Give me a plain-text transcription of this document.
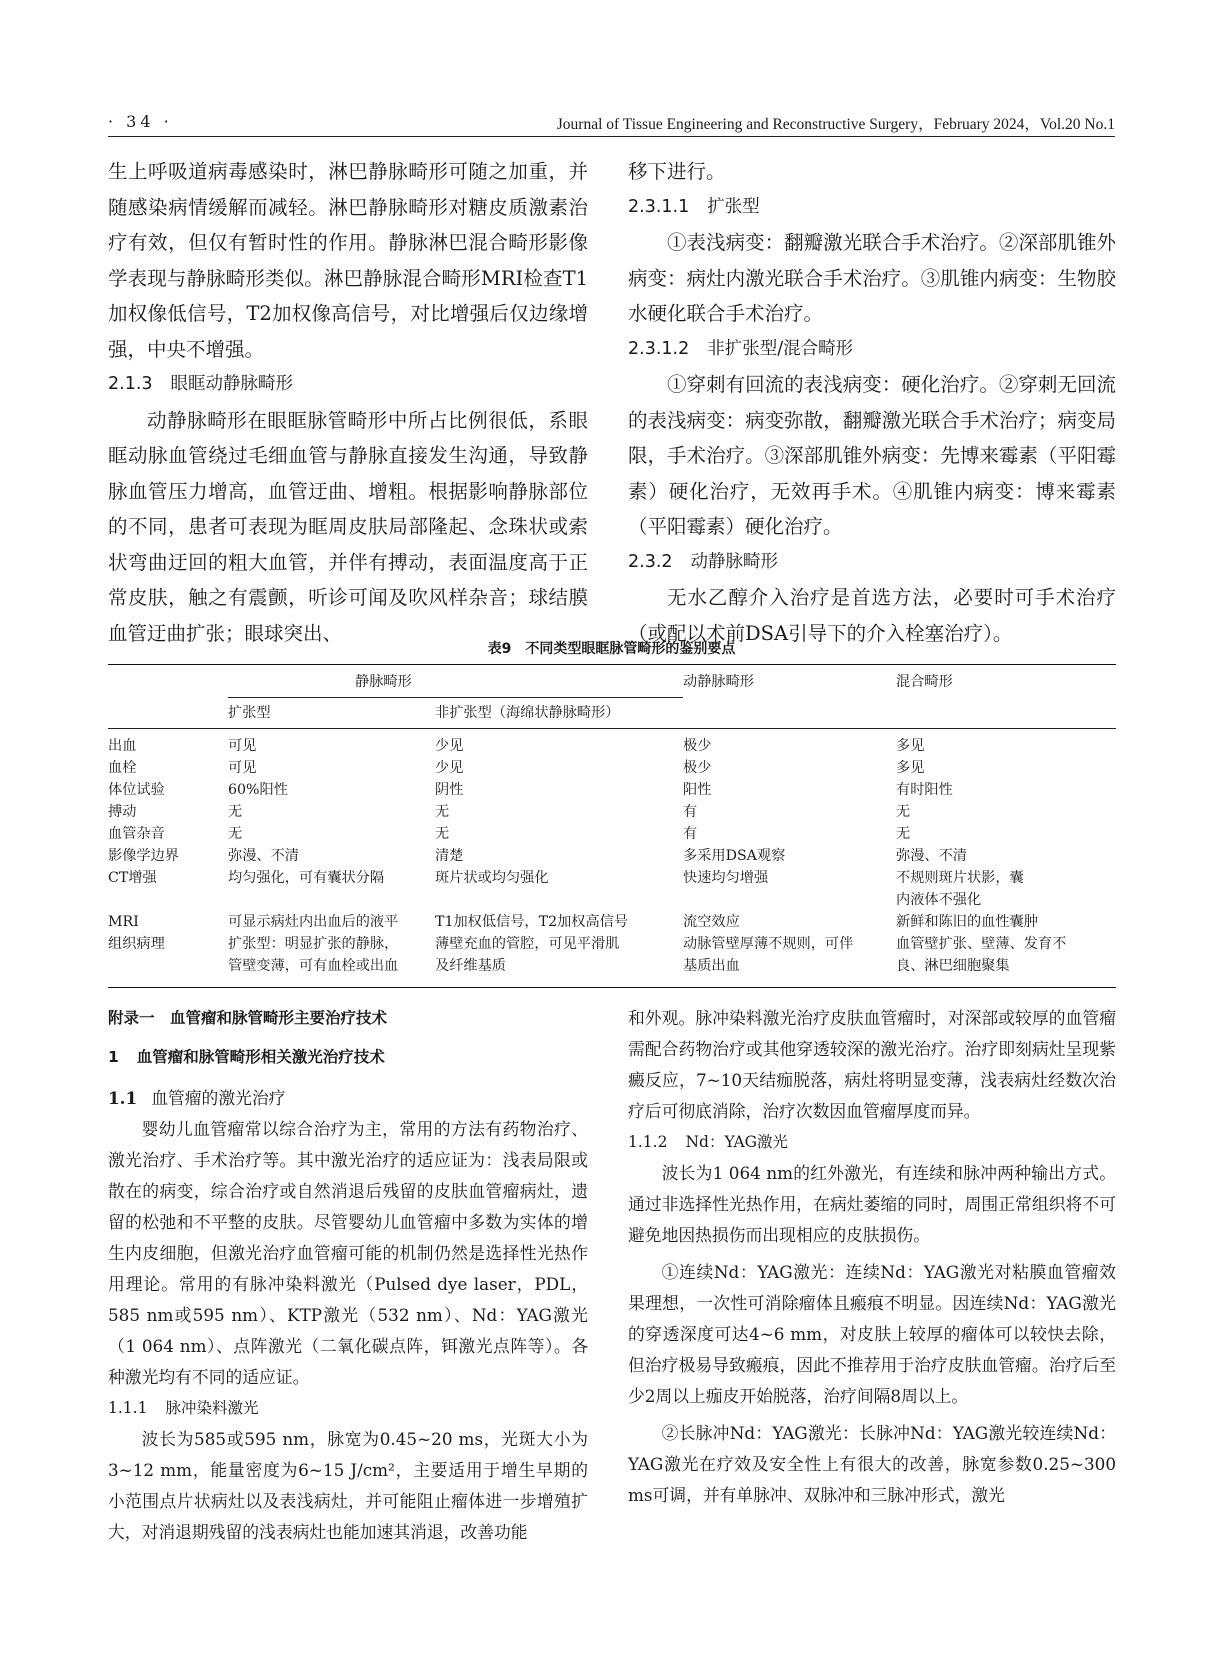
· 34 ·	Journal of Tissue Engineering and Reconstructive Surgery，February 2024，Vol.20 No.1

生上呼吸道病毒感染时，淋巴静脉畸形可随之加重，并随感染病情缓解而减轻。淋巴静脉畸形对糖皮质激素治疗有效，但仅有暂时性的作用。静脉淋巴混合畸形影像学表现与静脉畸形类似。淋巴静脉混合畸形MRI检查T1加权像低信号，T2加权像高信号，对比增强后仅边缘增强，中央不增强。

2.1.3 眼眶动静脉畸形

动静脉畸形在眼眶脉管畸形中所占比例很低，系眼眶动脉血管绕过毛细血管与静脉直接发生沟通，导致静脉血管压力增高，血管迂曲、增粗。根据影响静脉部位的不同，患者可表现为眶周皮肤局部隆起、念珠状或索状弯曲迂回的粗大血管，并伴有搏动，表面温度高于正常皮肤，触之有震颤，听诊可闻及吹风样杂音；球结膜血管迂曲扩张；眼球突出、

移下进行。

2.3.1.1 扩张型

①表浅病变：翻瓣激光联合手术治疗。②深部肌锥外病变：病灶内激光联合手术治疗。③肌锥内病变：生物胶水硬化联合手术治疗。

2.3.1.2 非扩张型/混合畸形

①穿刺有回流的表浅病变：硬化治疗。②穿刺无回流的表浅病变：病变弥散，翻瓣激光联合手术治疗；病变局限，手术治疗。③深部肌锥外病变：先博来霉素（平阳霉素）硬化治疗，无效再手术。④肌锥内病变：博来霉素（平阳霉素）硬化治疗。

2.3.2 动静脉畸形

无水乙醇介入治疗是首选方法，必要时可手术治疗（或配以术前DSA引导下的介入栓塞治疗）。

表9　不同类型眼眶脉管畸形的鉴别要点
	静脉畸形		动静脉畸形	混合畸形
	扩张型	非扩张型（海绵状静脉畸形）		
出血	可见	少见	极少	多见
血栓	可见	少见	极少	多见
体位试验	60%阳性	阴性	阳性	有时阳性
搏动	无	无	有	无
血管杂音	无	无	有	无
影像学边界	弥漫、不清	清楚	多采用DSA观察	弥漫、不清
CT增强	均匀强化，可有囊状分隔	斑片状或均匀强化	快速均匀增强	不规则斑片状影，囊内液体不强化
MRI	可显示病灶内出血后的液平	T1加权低信号，T2加权高信号	流空效应	新鲜和陈旧的血性囊肿
组织病理	扩张型：明显扩张的静脉，管壁变薄，可有血栓或出血	薄壁充血的管腔，可见平滑肌及纤维基质	动脉管壁厚薄不规则，可伴基质出血	血管壁扩张、壁薄、发育不良、淋巴细胞聚集

附录一　血管瘤和脉管畸形主要治疗技术

1 血管瘤和脉管畸形相关激光治疗技术

1.1 血管瘤的激光治疗

婴幼儿血管瘤常以综合治疗为主，常用的方法有药物治疗、激光治疗、手术治疗等。其中激光治疗的适应证为：浅表局限或散在的病变，综合治疗或自然消退后残留的皮肤血管瘤病灶，遗留的松弛和不平整的皮肤。尽管婴幼儿血管瘤中多数为实体的增生内皮细胞，但激光治疗血管瘤可能的机制仍然是选择性光热作用理论。常用的有脉冲染料激光（Pulsed dye laser，PDL，585 nm或595 nm）、KTP激光（532 nm）、Nd：YAG激光（1 064 nm）、点阵激光（二氧化碳点阵，铒激光点阵等）。各种激光均有不同的适应证。

1.1.1 脉冲染料激光

波长为585或595 nm，脉宽为0.45~20 ms，光斑大小为3~12 mm，能量密度为6~15 J/cm²，主要适用于增生早期的小范围点片状病灶以及表浅病灶，并可能阻止瘤体进一步增殖扩大，对消退期残留的浅表病灶也能加速其消退，改善功能

和外观。脉冲染料激光治疗皮肤血管瘤时，对深部或较厚的血管瘤需配合药物治疗或其他穿透较深的激光治疗。治疗即刻病灶呈现紫癜反应，7~10天结痂脱落，病灶将明显变薄，浅表病灶经数次治疗后可彻底消除，治疗次数因血管瘤厚度而异。

1.1.2 Nd：YAG激光

波长为1 064 nm的红外激光，有连续和脉冲两种输出方式。通过非选择性光热作用，在病灶萎缩的同时，周围正常组织将不可避免地因热损伤而出现相应的皮肤损伤。

①连续Nd：YAG激光：连续Nd：YAG激光对粘膜血管瘤效果理想，一次性可消除瘤体且瘢痕不明显。因连续Nd：YAG激光的穿透深度可达4~6 mm，对皮肤上较厚的瘤体可以较快去除，但治疗极易导致瘢痕，因此不推荐用于治疗皮肤血管瘤。治疗后至少2周以上痂皮开始脱落，治疗间隔8周以上。

②长脉冲Nd：YAG激光：长脉冲Nd：YAG激光较连续Nd：YAG激光在疗效及安全性上有很大的改善，脉宽参数0.25~300 ms可调，并有单脉冲、双脉冲和三脉冲形式，激光
